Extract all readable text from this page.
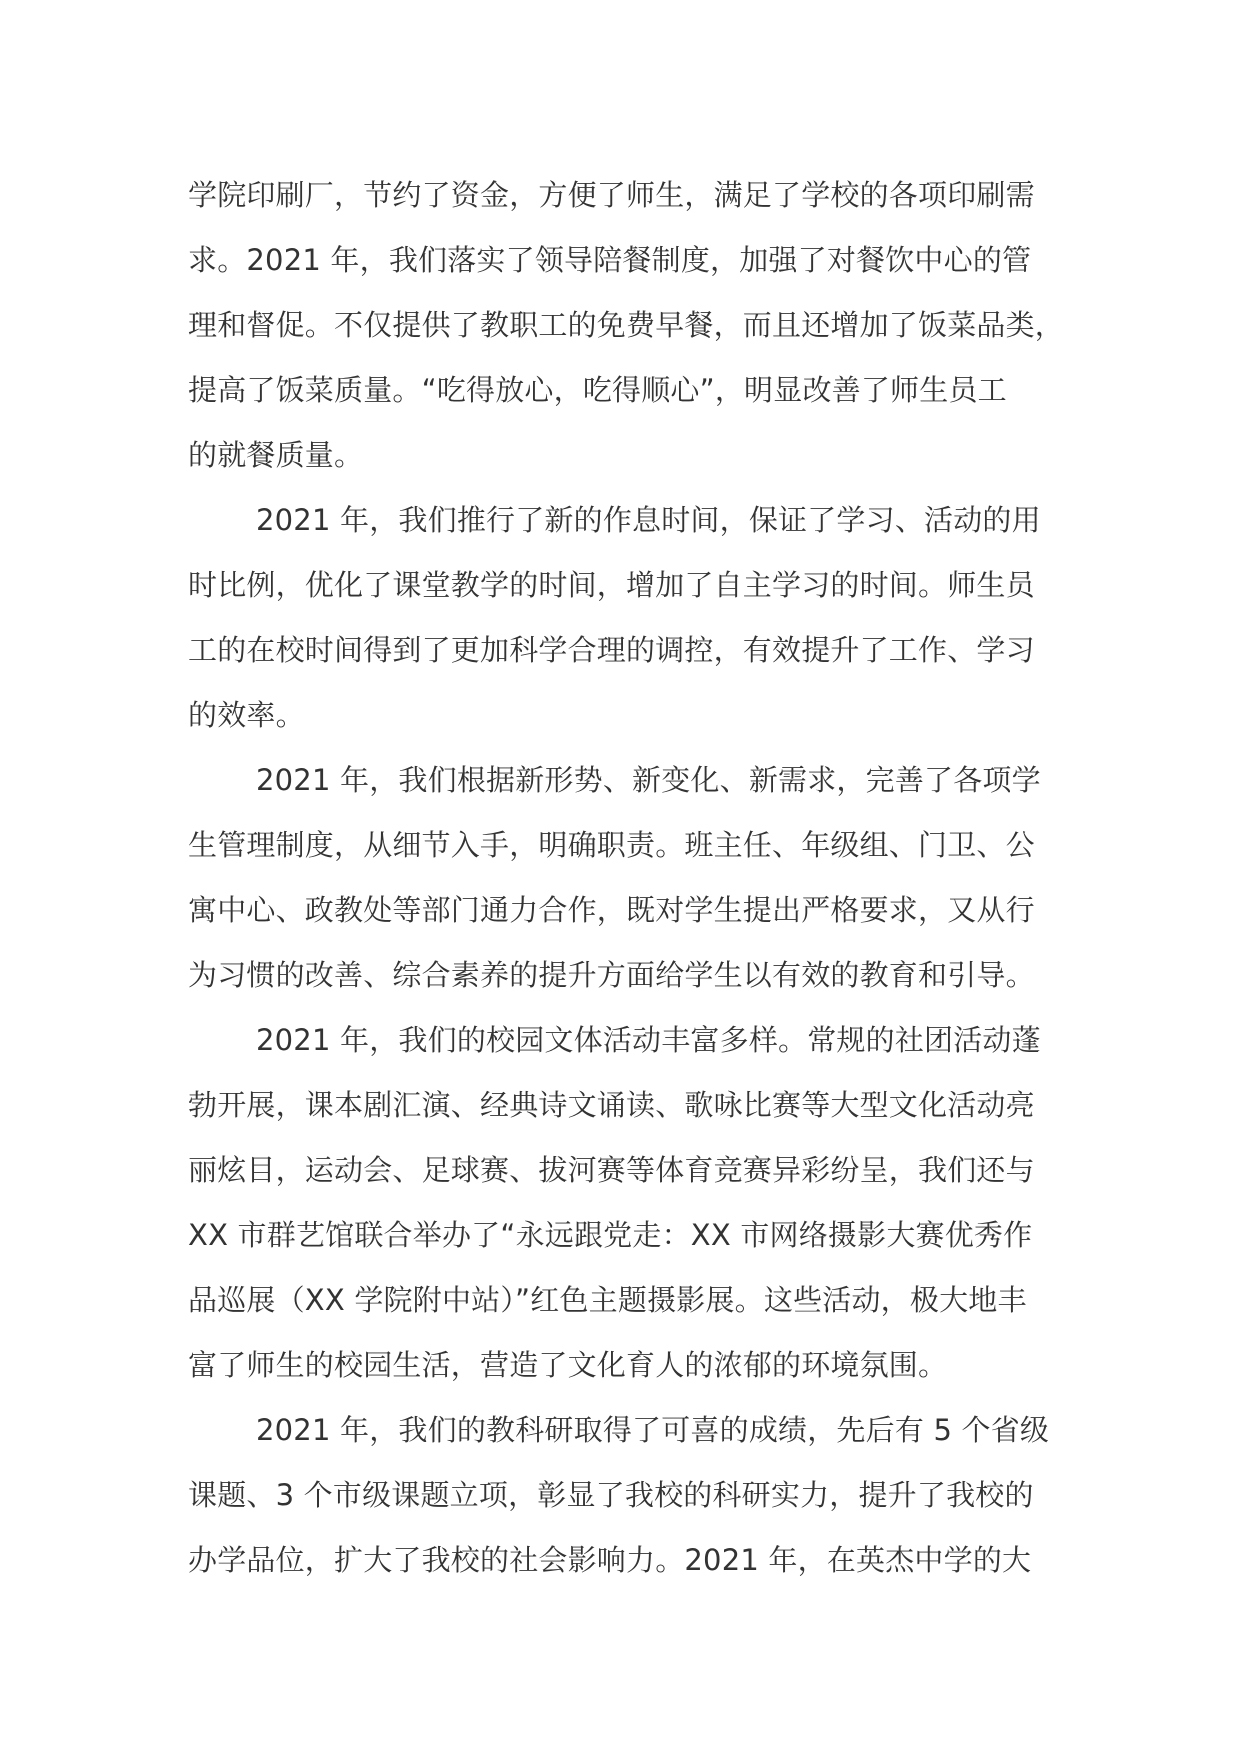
学院印刷厂，节约了资金，方便了师生，满足了学校的各项印刷需
求。2021 年，我们落实了领导陪餐制度，加强了对餐饮中心的管
理和督促。不仅提供了教职工的免费早餐，而且还增加了饭菜品类，
提高了饭菜质量。“吃得放心，吃得顺心”，明显改善了师生员工
的就餐质量。
2021 年，我们推行了新的作息时间，保证了学习、活动的用
时比例，优化了课堂教学的时间，增加了自主学习的时间。师生员
工的在校时间得到了更加科学合理的调控，有效提升了工作、学习
的效率。
2021 年，我们根据新形势、新变化、新需求，完善了各项学
生管理制度，从细节入手，明确职责。班主任、年级组、门卫、公
寓中心、政教处等部门通力合作，既对学生提出严格要求，又从行
为习惯的改善、综合素养的提升方面给学生以有效的教育和引导。
2021 年，我们的校园文体活动丰富多样。常规的社团活动蓬
勃开展，课本剧汇演、经典诗文诵读、歌咏比赛等大型文化活动亮
丽炫目，运动会、足球赛、拔河赛等体育竞赛异彩纷呈，我们还与
XX 市群艺馆联合举办了“永远跟党走：XX 市网络摄影大赛优秀作
品巡展（XX 学院附中站）”红色主题摄影展。这些活动，极大地丰
富了师生的校园生活，营造了文化育人的浓郁的环境氛围。
2021 年，我们的教科研取得了可喜的成绩，先后有 5 个省级
课题、3 个市级课题立项，彰显了我校的科研实力，提升了我校的
办学品位，扩大了我校的社会影响力。2021 年，在英杰中学的大
